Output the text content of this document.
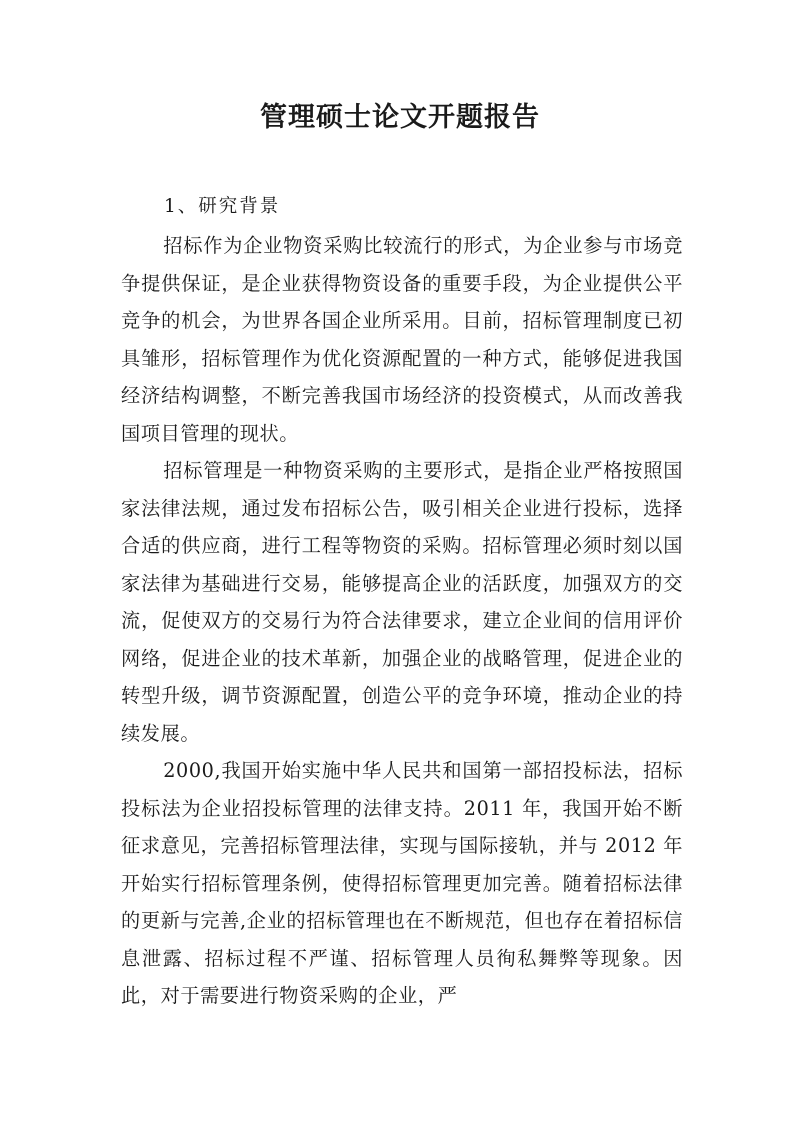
管理硕士论文开题报告

1、研究背景

招标作为企业物资采购比较流行的形式，为企业参与市场竞争提供保证，是企业获得物资设备的重要手段，为企业提供公平竞争的机会，为世界各国企业所采用。目前，招标管理制度已初具雏形，招标管理作为优化资源配置的一种方式，能够促进我国经济结构调整，不断完善我国市场经济的投资模式，从而改善我国项目管理的现状。

招标管理是一种物资采购的主要形式，是指企业严格按照国家法律法规，通过发布招标公告，吸引相关企业进行投标，选择合适的供应商，进行工程等物资的采购。招标管理必须时刻以国家法律为基础进行交易，能够提高企业的活跃度，加强双方的交流，促使双方的交易行为符合法律要求，建立企业间的信用评价网络，促进企业的技术革新，加强企业的战略管理，促进企业的转型升级，调节资源配置，创造公平的竞争环境，推动企业的持续发展。

2000,我国开始实施中华人民共和国第一部招投标法，招标投标法为企业招投标管理的法律支持。2011 年，我国开始不断征求意见，完善招标管理法律，实现与国际接轨，并与 2012 年开始实行招标管理条例，使得招标管理更加完善。随着招标法律的更新与完善,企业的招标管理也在不断规范，但也存在着招标信息泄露、招标过程不严谨、招标管理人员徇私舞弊等现象。因此，对于需要进行物资采购的企业，严
